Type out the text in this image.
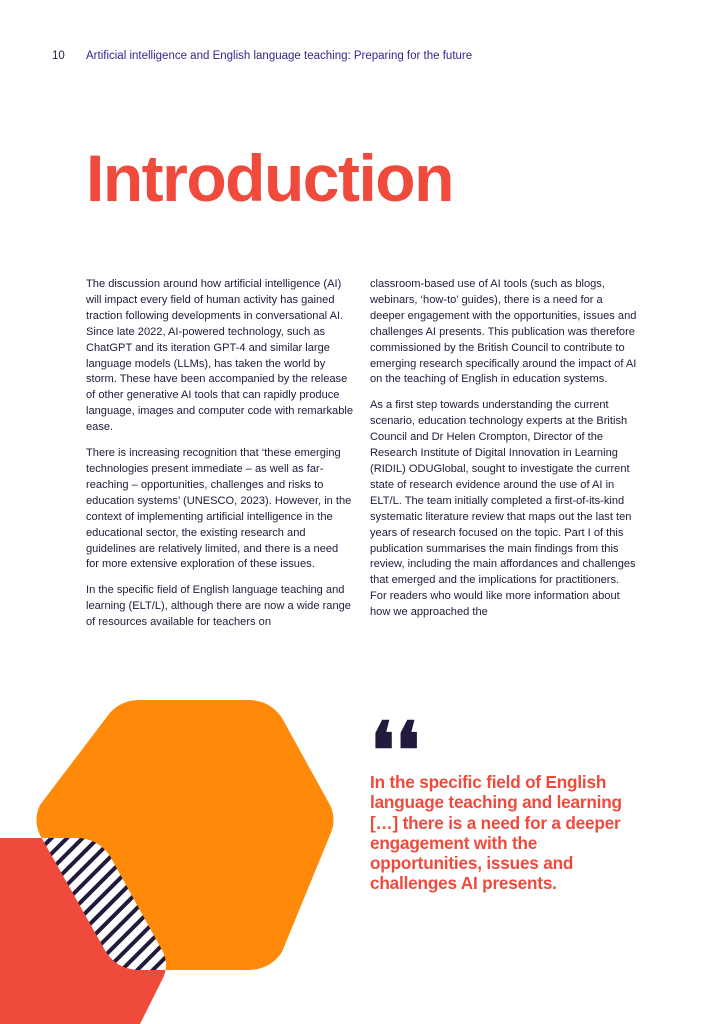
10 Artificial intelligence and English language teaching: Preparing for the future
Introduction

The discussion around how artificial intelligence (AI) will impact every field of human activity has gained traction following developments in conversational AI. Since late 2022, AI-powered technology, such as ChatGPT and its iteration GPT-4 and similar large language models (LLMs), has taken the world by storm. These have been accompanied by the release of other generative AI tools that can rapidly produce language, images and computer code with remarkable ease.

There is increasing recognition that ‘these emerging technologies present immediate – as well as far-reaching – opportunities, challenges and risks to education systems’ (UNESCO, 2023). However, in the context of implementing artificial intelligence in the educational sector, the existing research and guidelines are relatively limited, and there is a need for more extensive exploration of these issues.

In the specific field of English language teaching and learning (ELT/L), although there are now a wide range of resources available for teachers on

classroom-based use of AI tools (such as blogs, webinars, ‘how-to’ guides), there is a need for a deeper engagement with the opportunities, issues and challenges AI presents. This publication was therefore commissioned by the British Council to contribute to emerging research specifically around the impact of AI on the teaching of English in education systems.

As a first step towards understanding the current scenario, education technology experts at the British Council and Dr Helen Crompton, Director of the Research Institute of Digital Innovation in Learning (RIDIL) ODUGlobal, sought to investigate the current state of research evidence around the use of AI in ELT/L. The team initially completed a first-of-its-kind systematic literature review that maps out the last ten years of research focused on the topic. Part I of this publication summarises the main findings from this review, including the main affordances and challenges that emerged and the implications for practitioners. For readers who would like more information about how we approached the

❛❛
In the specific field of English language teaching and learning […] there is a need for a deeper engagement with the opportunities, issues and challenges AI presents.
